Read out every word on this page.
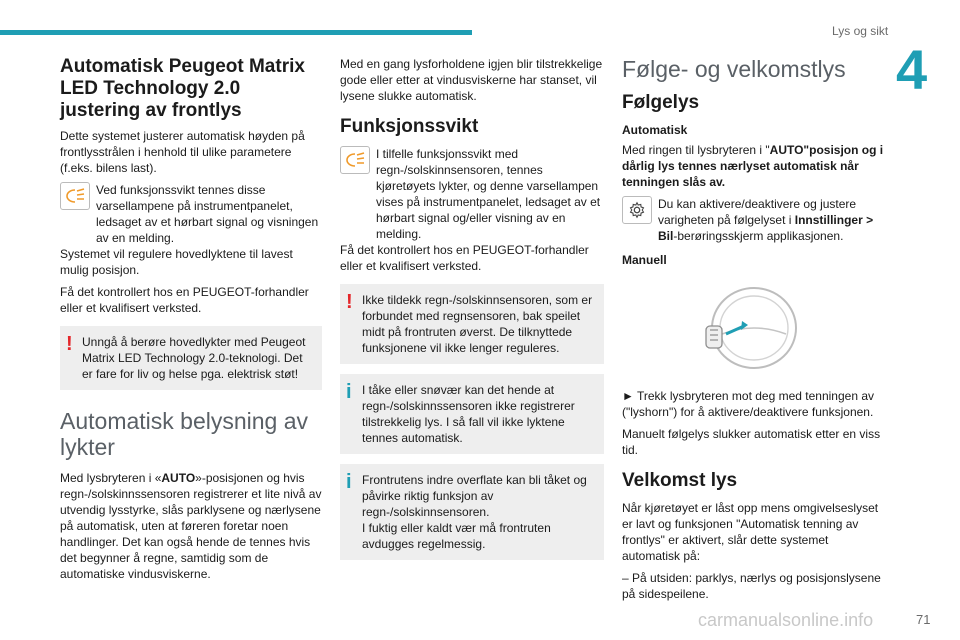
Lys og sikt
4
Automatisk Peugeot Matrix LED Technology 2.0 justering av frontlys

Dette systemet justerer automatisk høyden på frontlysstrålen i henhold til ulike parametere (f.eks. bilens last).

Ved funksjonssvikt tennes disse varsellampene på instrumentpanelet, ledsaget av et hørbart signal og visningen av en melding.

Systemet vil regulere hovedlyktene til lavest mulig posisjon.

Få det kontrollert hos en PEUGEOT-forhandler eller et kvalifisert verksted.

! Unngå å berøre hovedlykter med Peugeot Matrix LED Technology 2.0-teknologi. Det er fare for liv og helse pga. elektrisk støt!
Automatisk belysning av lykter

Med lysbryteren i «AUTO»-posisjonen og hvis regn-/solskinnssensoren registrerer et lite nivå av utvendig lysstyrke, slås parklysene og nærlysene på automatisk, uten at føreren foretar noen handlinger. Det kan også hende de tennes hvis det begynner å regne, samtidig som de automatiske vindusviskerne.

Med en gang lysforholdene igjen blir tilstrekkelige gode eller etter at vindusviskerne har stanset, vil lysene slukke automatisk.

Funksjonssvikt
I tilfelle funksjonssvikt med regn-/solskinnsensoren, tennes kjøretøyets lykter, og denne varsellampen vises på instrumentpanelet, ledsaget av et hørbart signal og/eller visning av en melding.

Få det kontrollert hos en PEUGEOT-forhandler eller et kvalifisert verksted.

! Ikke tildekk regn-/solskinnsensoren, som er forbundet med regnsensoren, bak speilet midt på frontruten øverst. De tilknyttede funksjonene vil ikke lenger reguleres.
i I tåke eller snøvær kan det hende at regn-/solskinnssensoren ikke registrerer tilstrekkelig lys. I så fall vil ikke lyktene tennes automatisk.
i Frontrutens indre overflate kan bli tåket og påvirke riktig funksjon av regn-/solskinnsensoren.
I fuktig eller kaldt vær må frontruten avdugges regelmessig.
Følge- og velkomstlys
Følgelys
Automatisk

Med ringen til lysbryteren i "AUTO"posisjon og i dårlig lys tennes nærlyset automatisk når tenningen slås av.

Du kan aktivere/deaktivere og justere varigheten på følgelyset i Innstillinger > Bil-berøringsskjerm applikasjonen.
Manuell

► Trekk lysbryteren mot deg med tenningen av ("lyshorn") for å aktivere/deaktivere funksjonen.

Manuelt følgelys slukker automatisk etter en viss tid.

Velkomst lys

Når kjøretøyet er låst opp mens omgivelseslyset er lavt og funksjonen "Automatisk tenning av frontlys" er aktivert, slår dette systemet automatisk på:

– På utsiden: parklys, nærlys og posisjonslysene på sidespeilene.

carmanualsonline.info	71
